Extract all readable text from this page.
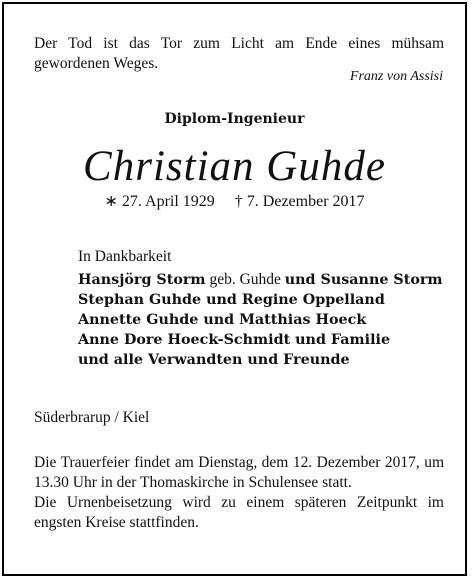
Der Tod ist das Tor zum Licht am Ende eines mühsam gewordenen Weges.
Franz von Assisi
Diplom-Ingenieur
Christian Guhde
∗ 27. April 1929 † 7. Dezember 2017
In Dankbarkeit
Hansjörg Storm geb. Guhde und Susanne Storm
Stephan Guhde und Regine Oppelland
Annette Guhde und Matthias Hoeck
Anne Dore Hoeck-Schmidt und Familie
und alle Verwandten und Freunde
Süderbrarup / Kiel

Die Trauerfeier findet am Dienstag, dem 12. Dezember 2017, um 13.30 Uhr in der Thomaskirche in Schulensee statt.

Die Urnenbeisetzung wird zu einem späteren Zeitpunkt im engsten Kreise stattfinden.
